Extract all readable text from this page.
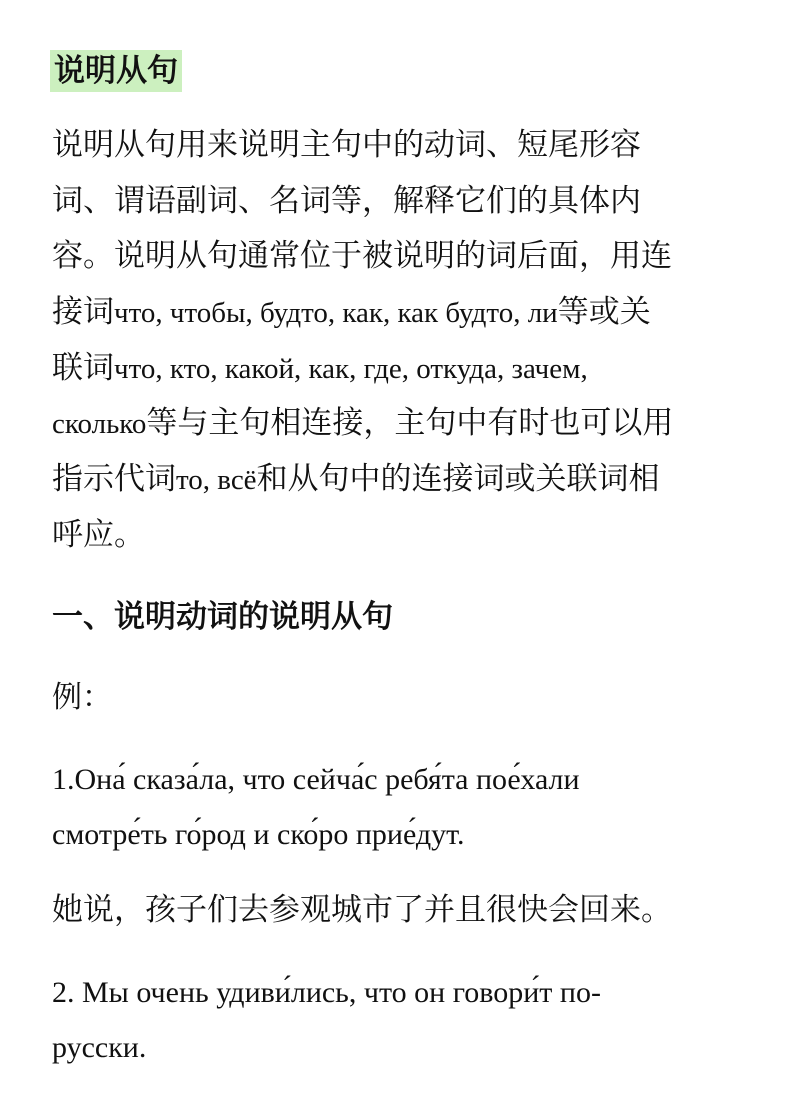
说明从句
说明从句用来说明主句中的动词、短尾形容
词、谓语副词、名词等，解释它们的具体内
容。说明从句通常位于被说明的词后面，用连
接词что, чтобы, будто, как, как будто, ли等或关
联词что, кто, какой, как, где, откуда, зачем,
сколько等与主句相连接，主句中有时也可以用
指示代词то, всё和从句中的连接词或关联词相
呼应。
一、说明动词的说明从句
例：
1.Она́ сказа́ла, что сейча́с ребя́та пое́хали
смотре́ть го́род и ско́ро прие́дут.
她说，孩子们去参观城市了并且很快会回来。
2. Мы очень удиви́лись, что он говори́т по-
русски.
